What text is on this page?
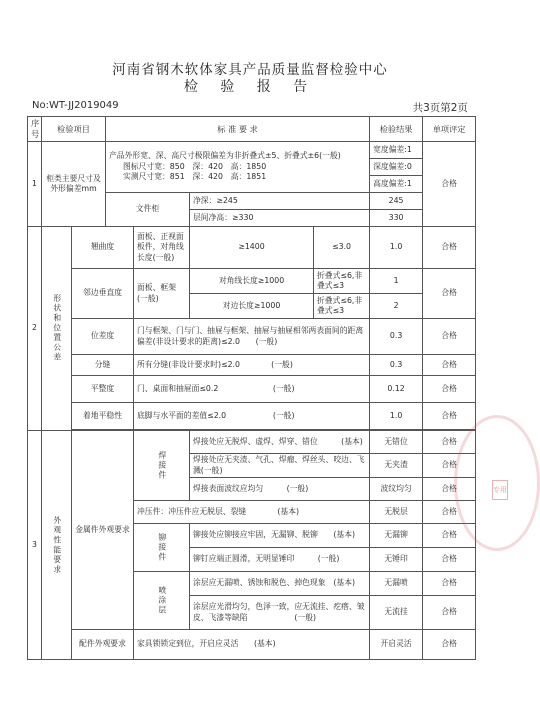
河南省钢木软体家具产品质量监督检验中心
检 验 报 告
No:WT-JJ2019049	共3页第2页
序号	检验项目		标 准 要 求				检验结果	单项评定
1	柜类主要尺寸及外形偏差mm		产品外形宽、深、高尺寸极限偏差为非折叠式±5、折叠式±6(一般)
图标尺寸宽：850　深：420　高：1850
实测尺寸宽：851　深：420　高：1851				宽度偏差:1	合格
							深度偏差:0	
							高度偏差:1	
			文件柜		净深：≥245		245	
					层间净高：≥330		330	
2	形状和位置公差	翘曲度		面板、正视面板件，对角线长度(一般)	≥1400	≤3.0	1.0	合格
		邻边垂直度		面板、框架(一般)	对角线长度≥1000	折叠式≤6,非叠式≤3	1	合格
					对边长度≥1000	折叠式≤6,非叠式≤3	2	
		位差度		门与框架、门与门、抽屉与框架、抽屉与抽屉相邻两表面间的距离偏差(非设计要求的距离)≤2.0　　(一般)			0.3	合格
		分缝		所有分缝(非设计要求时)≤2.0　　　　(一般)			0.3	合格
		平整度		门、桌面和抽屉面≤0.2　　　　　　　(一般)			0.12	合格
		着地平稳性		底脚与水平面的差值≤2.0　　　　　　(一般)			1.0	合格

3	外观性能要求	金属件外观要求		焊接件	焊接处应无脱焊、虚焊、焊穿、错位　　　(基本)		无错位	合格
					焊接处应无夹渣、气孔、焊瘤、焊丝头、咬边、飞溅(一般)		无夹渣	合格
					焊接表面波纹应均匀　　　(一般)		波纹均匀	合格
				冲压件：冲压件应无脱层、裂缝　　　　(基本)			无脱层	合格
				铆接件	铆接处应铆接应牢固，无漏铆、脱铆　　(基本)		无漏铆	合格
					铆钉应端正圆滑，无明显锤印　　　(一般)		无锤印	合格
				喷涂层	涂层应无漏喷、锈蚀和脱色、掉色现象　(基本)		无漏喷	合格
					涂层应光滑均匀，色泽一致，应无流挂、疙瘩、皱皮、飞漆等缺陷　　　　　　(一般)		无流挂	合格

		配件外观要求		家具锁锁定到位，开启应灵活　　(基本)			开启灵活	合格
专用
